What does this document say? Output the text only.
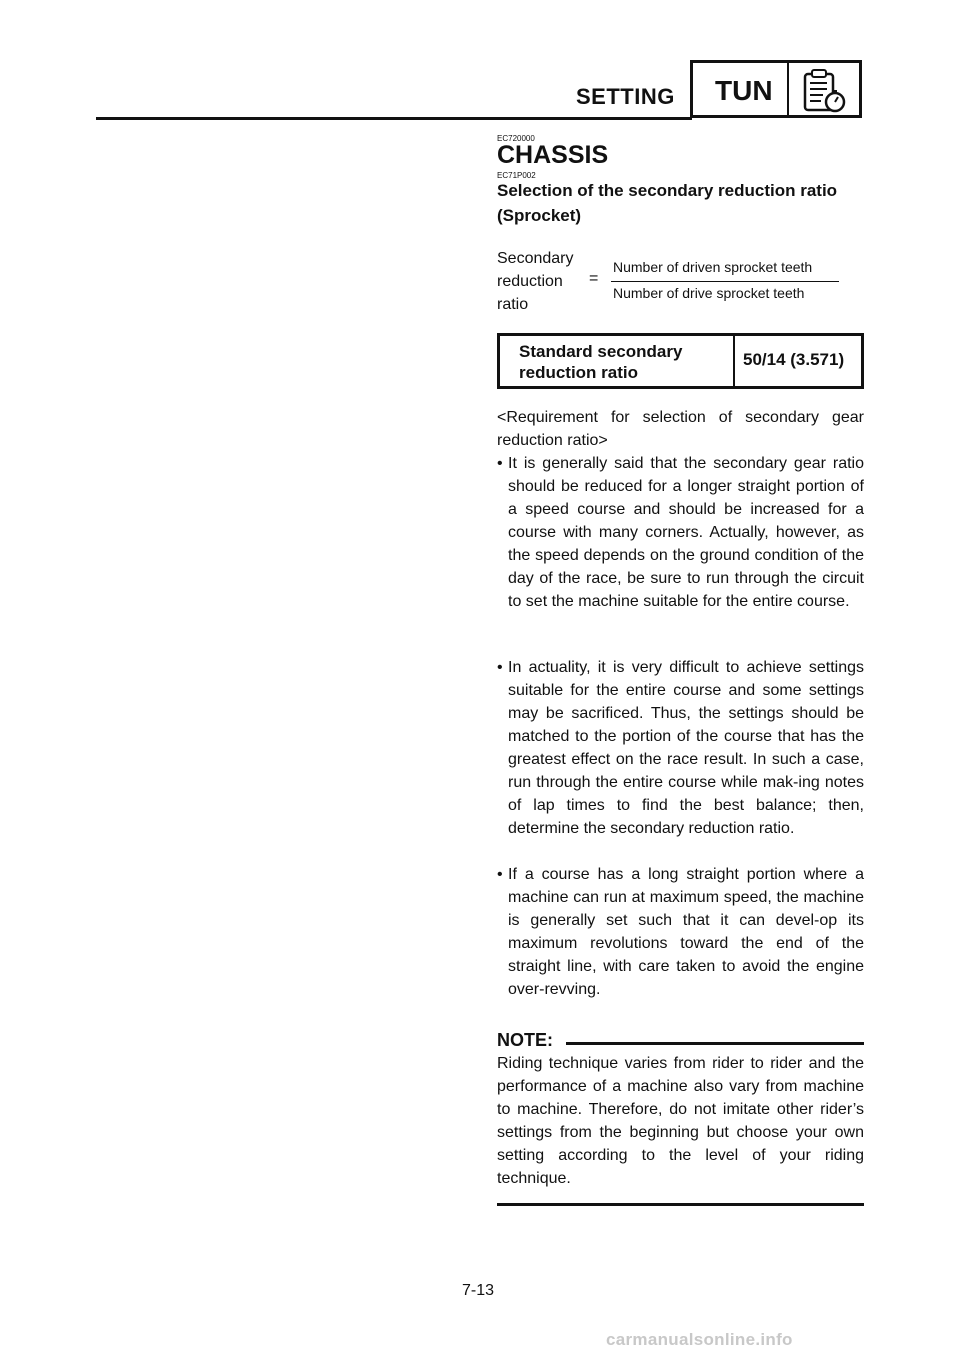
SETTING TUN
EC720000
CHASSIS
EC71P002
Selection of the secondary reduction ratio (Sprocket)
Secondary
reduction
ratio
=
Number of driven sprocket teeth
Number of drive sprocket teeth
Standard secondary
reduction ratio
50/14 (3.571)
<Requirement for selection of secondary gear reduction ratio>
• It is generally said that the secondary gear ratio should be reduced for a longer straight portion of a speed course and should be increased for a course with many corners. Actually, however, as the speed depends on the ground condition of the day of the race, be sure to run through the circuit to set the machine suitable for the entire course.
• In actuality, it is very difficult to achieve settings suitable for the entire course and some settings may be sacrificed. Thus, the settings should be matched to the portion of the course that has the greatest effect on the race result. In such a case, run through the entire course while mak-ing notes of lap times to find the best balance; then, determine the secondary reduction ratio.
• If a course has a long straight portion where a machine can run at maximum speed, the machine is generally set such that it can devel-op its maximum revolutions toward the end of the straight line, with care taken to avoid the engine over-revving.
NOTE:
Riding technique varies from rider to rider and the performance of a machine also vary from machine to machine. Therefore, do not imitate other rider’s settings from the beginning but choose your own setting according to the level of your riding technique.
7-13
carmanualsonline.info
